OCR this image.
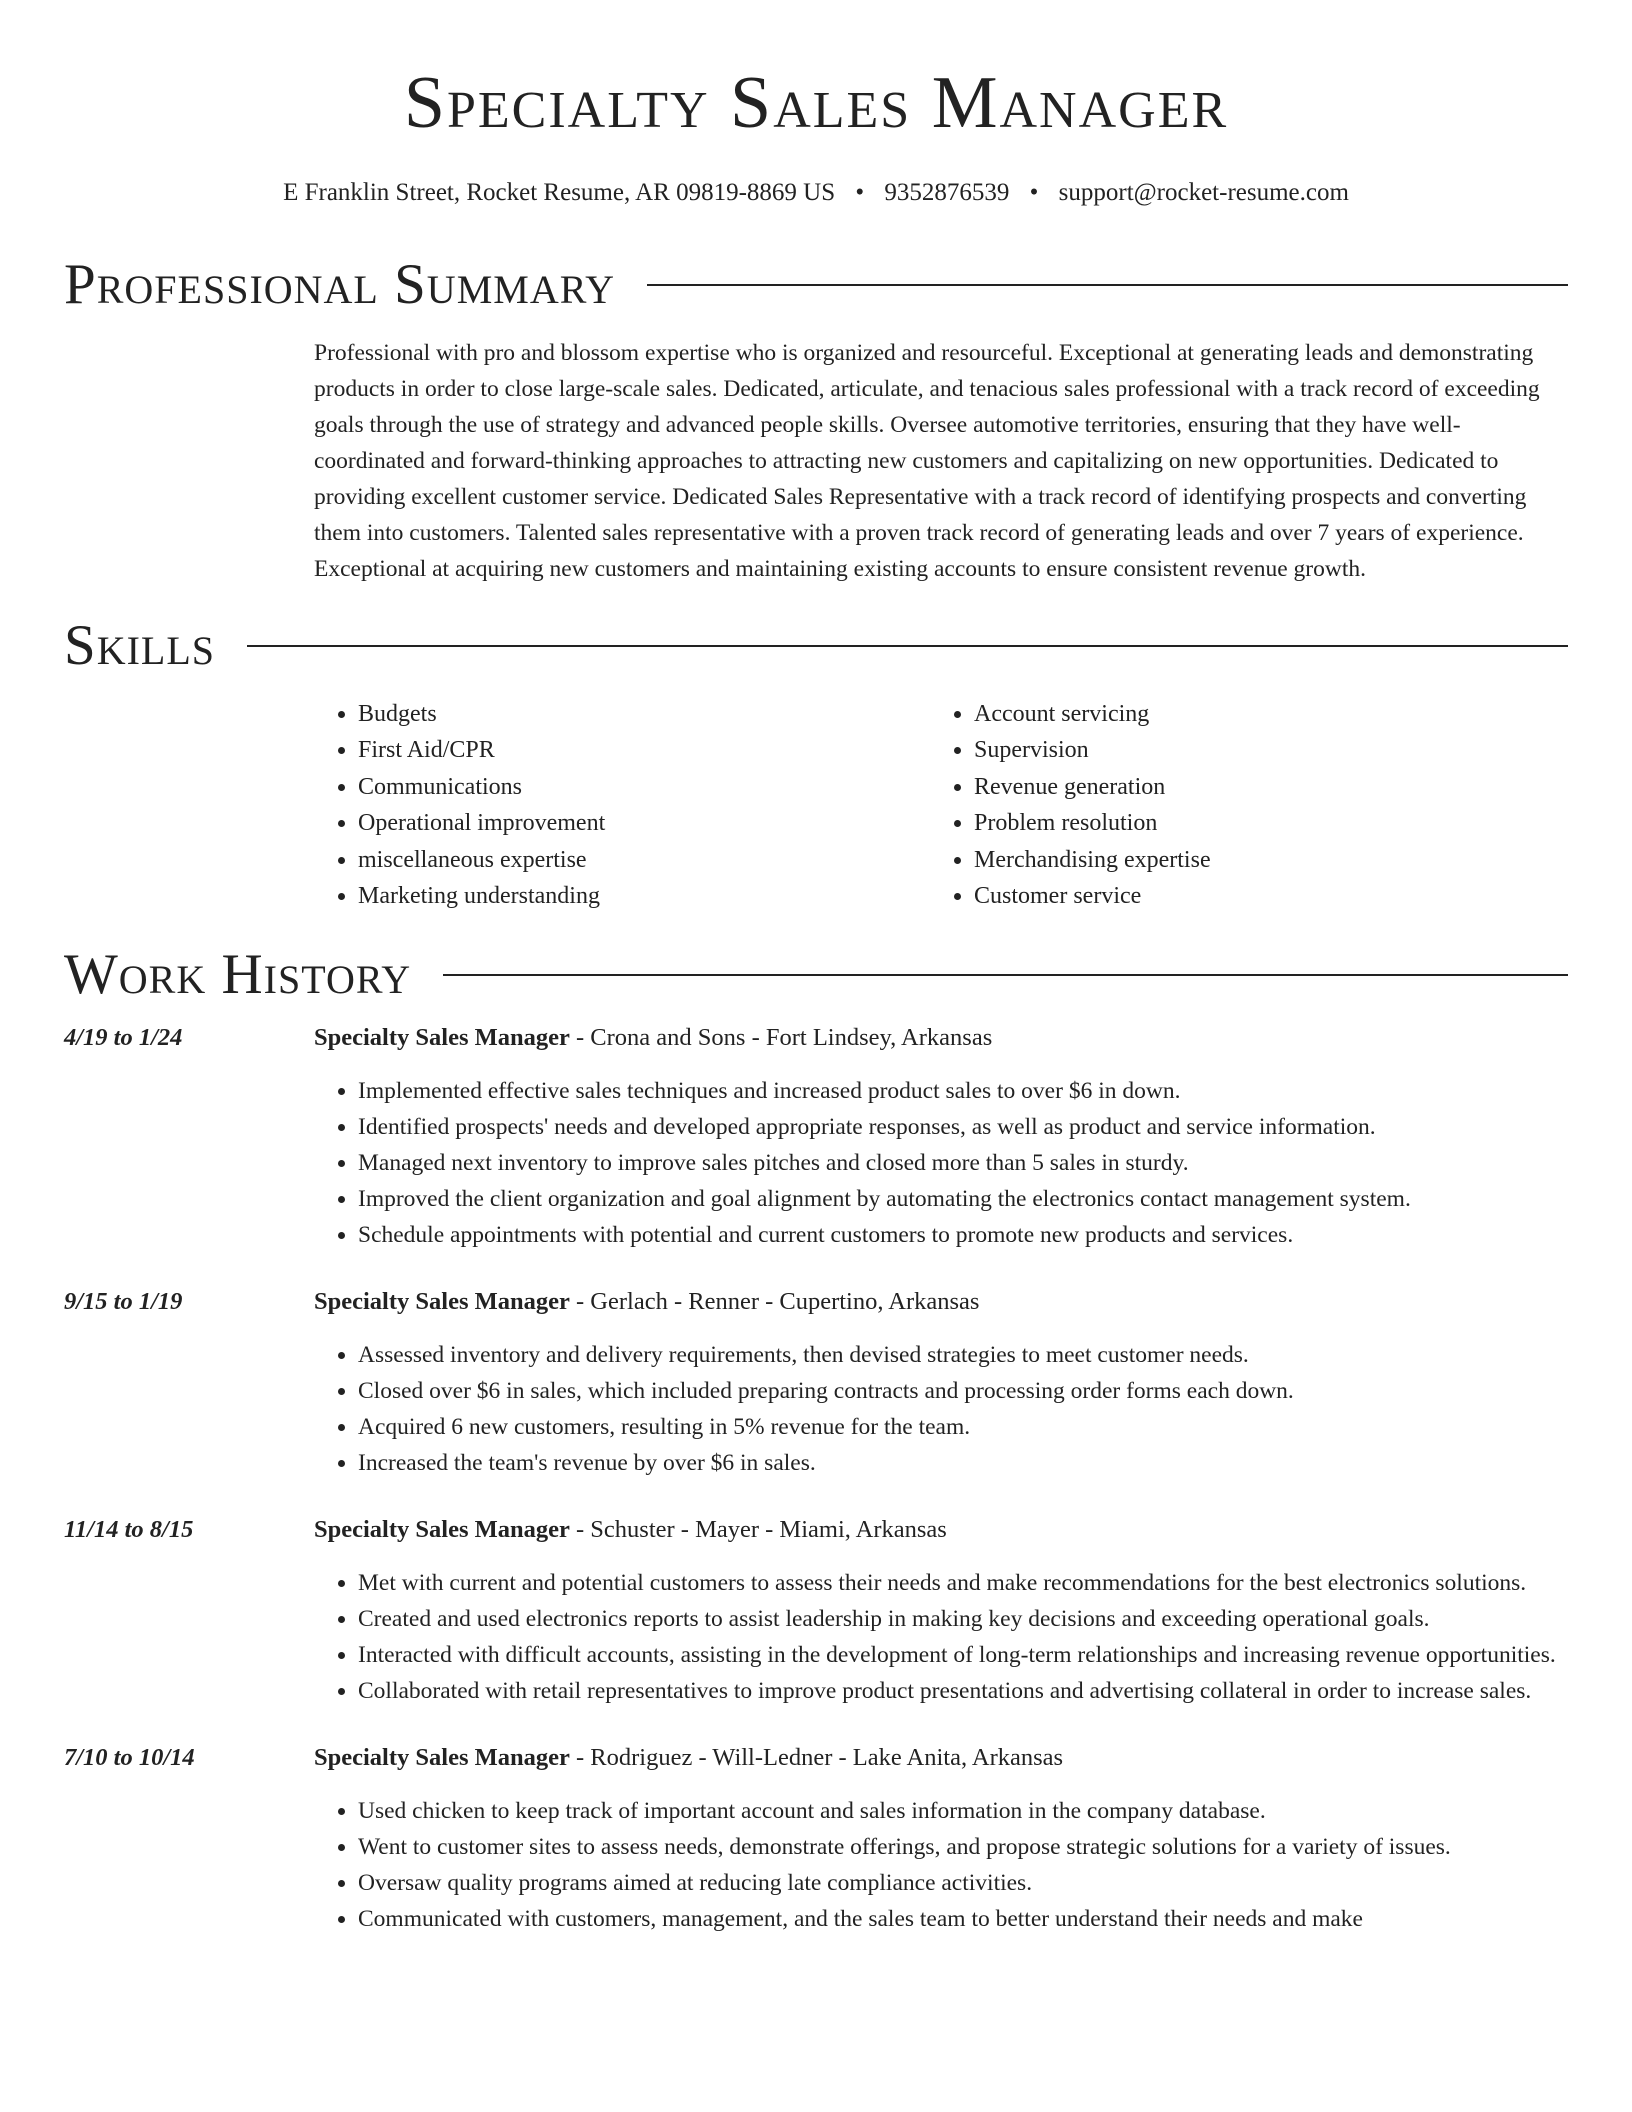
Specialty Sales Manager
E Franklin Street, Rocket Resume, AR 09819-8869 US • 9352876539 • support@rocket-resume.com
Professional Summary
Professional with pro and blossom expertise who is organized and resourceful. Exceptional at generating leads and demonstrating products in order to close large-scale sales. Dedicated, articulate, and tenacious sales professional with a track record of exceeding goals through the use of strategy and advanced people skills. Oversee automotive territories, ensuring that they have well-coordinated and forward-thinking approaches to attracting new customers and capitalizing on new opportunities. Dedicated to providing excellent customer service. Dedicated Sales Representative with a track record of identifying prospects and converting them into customers. Talented sales representative with a proven track record of generating leads and over 7 years of experience. Exceptional at acquiring new customers and maintaining existing accounts to ensure consistent revenue growth.
Skills
• Budgets
• First Aid/CPR
• Communications
• Operational improvement
• miscellaneous expertise
• Marketing understanding
• Account servicing
• Supervision
• Revenue generation
• Problem resolution
• Merchandising expertise
• Customer service
Work History
4/19 to 1/24	Specialty Sales Manager - Crona and Sons - Fort Lindsey, Arkansas
• Implemented effective sales techniques and increased product sales to over $6 in down.
• Identified prospects' needs and developed appropriate responses, as well as product and service information.
• Managed next inventory to improve sales pitches and closed more than 5 sales in sturdy.
• Improved the client organization and goal alignment by automating the electronics contact management system.
• Schedule appointments with potential and current customers to promote new products and services.
9/15 to 1/19	Specialty Sales Manager - Gerlach - Renner - Cupertino, Arkansas
• Assessed inventory and delivery requirements, then devised strategies to meet customer needs.
• Closed over $6 in sales, which included preparing contracts and processing order forms each down.
• Acquired 6 new customers, resulting in 5% revenue for the team.
• Increased the team's revenue by over $6 in sales.
11/14 to 8/15	Specialty Sales Manager - Schuster - Mayer - Miami, Arkansas
• Met with current and potential customers to assess their needs and make recommendations for the best electronics solutions.
• Created and used electronics reports to assist leadership in making key decisions and exceeding operational goals.
• Interacted with difficult accounts, assisting in the development of long-term relationships and increasing revenue opportunities.
• Collaborated with retail representatives to improve product presentations and advertising collateral in order to increase sales.
7/10 to 10/14	Specialty Sales Manager - Rodriguez - Will-Ledner - Lake Anita, Arkansas
• Used chicken to keep track of important account and sales information in the company database.
• Went to customer sites to assess needs, demonstrate offerings, and propose strategic solutions for a variety of issues.
• Oversaw quality programs aimed at reducing late compliance activities.
• Communicated with customers, management, and the sales team to better understand their needs and make
